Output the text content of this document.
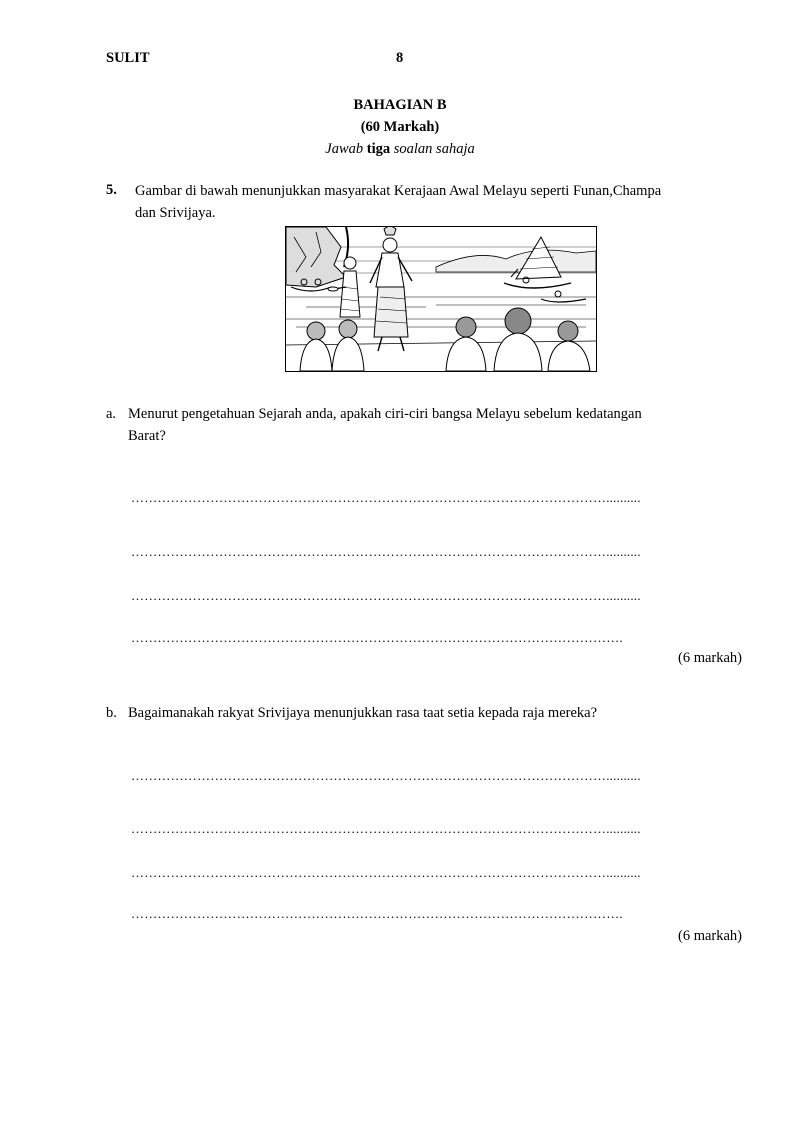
SULIT	8
BAHAGIAN B
(60 Markah)
Jawab tiga soalan sahaja
5. Gambar di bawah menunjukkan masyarakat Kerajaan Awal Melayu seperti Funan,Champa
dan Srivijaya.
a. Menurut pengetahuan Sejarah anda, apakah ciri-ciri bangsa Melayu sebelum kedatangan
Barat?
………………………………………………………………………………………………..........
………………………………………………………………………………………………..........
………………………………………………………………………………………………..........
………………………………………………………………………………………………….
(6 markah)
b. Bagaimanakah rakyat Srivijaya menunjukkan rasa taat setia kepada raja mereka?
………………………………………………………………………………………………..........
………………………………………………………………………………………………..........
………………………………………………………………………………………………..........
………………………………………………………………………………………………….
(6 markah)
